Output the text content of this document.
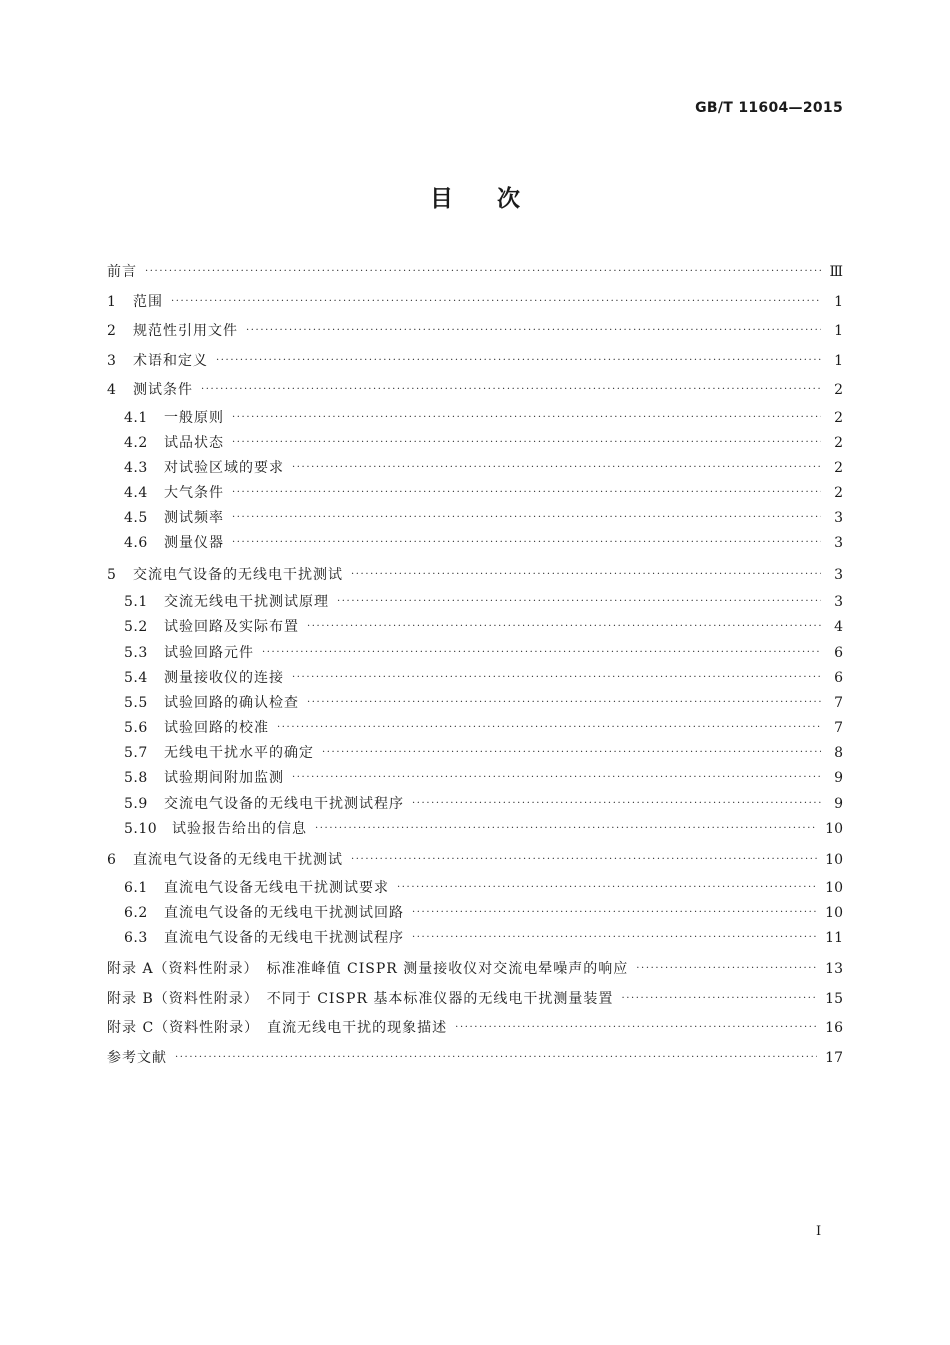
GB/T 11604—2015
目次
前言 ·····	Ⅲ
1	范围 ·····	1
2	规范性引用文件 ·····	1
3	术语和定义 ·····	1
4	测试条件 ·····	2
4.1	一般原则 ·····	2
4.2	试品状态 ·····	2
4.3	对试验区域的要求 ·····	2
4.4	大气条件 ·····	2
4.5	测试频率 ·····	3
4.6	测量仪器 ·····	3
5	交流电气设备的无线电干扰测试 ·····	3
5.1	交流无线电干扰测试原理 ·····	3
5.2	试验回路及实际布置 ·····	4
5.3	试验回路元件 ·····	6
5.4	测量接收仪的连接 ·····	6
5.5	试验回路的确认检查 ·····	7
5.6	试验回路的校准 ·····	7
5.7	无线电干扰水平的确定 ·····	8
5.8	试验期间附加监测 ·····	9
5.9	交流电气设备的无线电干扰测试程序 ·····	9
5.10	试验报告给出的信息 ·····	10
6	直流电气设备的无线电干扰测试 ·····	10
6.1	直流电气设备无线电干扰测试要求 ·····	10
6.2	直流电气设备的无线电干扰测试回路 ·····	10
6.3	直流电气设备的无线电干扰测试程序 ·····	11
附录 A（资料性附录）　标准准峰值 CISPR 测量接收仪对交流电晕噪声的响应 ·····	13
附录 B（资料性附录）　不同于 CISPR 基本标准仪器的无线电干扰测量装置 ·····	15
附录 C（资料性附录）　直流无线电干扰的现象描述 ·····	16
参考文献 ·····	17
Ⅰ
